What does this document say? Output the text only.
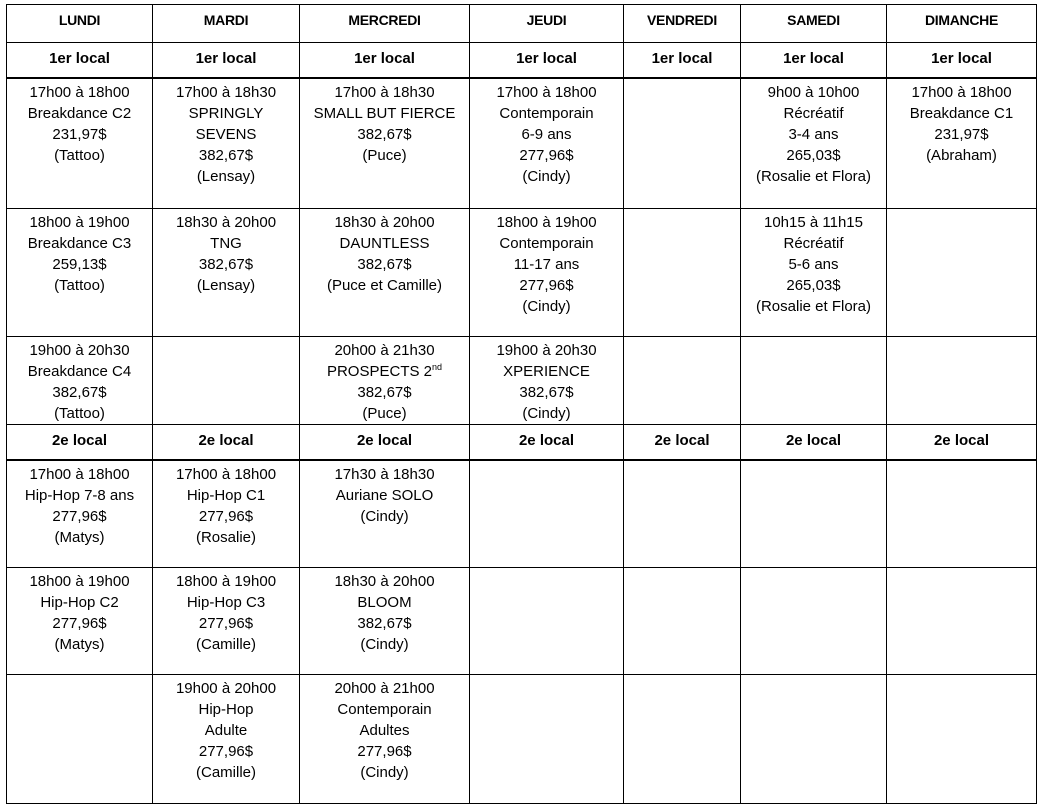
LUNDI	MARDI	MERCREDI	JEUDI	VENDREDI	SAMEDI	DIMANCHE
1er local	1er local	1er local	1er local	1er local	1er local	1er local

17h00 à 18h00
Breakdance C2
231,97$
(Tattoo)	17h00 à 18h30
SPRINGLY
SEVENS
382,67$
(Lensay)	17h00 à 18h30
SMALL BUT FIERCE
382,67$
(Puce)	17h00 à 18h00
Contemporain
6-9 ans
277,96$
(Cindy)		9h00 à 10h00
Récréatif
3-4 ans
265,03$
(Rosalie et Flora)	17h00 à 18h00
Breakdance C1
231,97$
(Abraham)

18h00 à 19h00
Breakdance C3
259,13$
(Tattoo)	18h30 à 20h00
TNG
382,67$
(Lensay)	18h30 à 20h00
DAUNTLESS
382,67$
(Puce et Camille)	18h00 à 19h00
Contemporain
11-17 ans
277,96$
(Cindy)		10h15 à 11h15
Récréatif
5-6 ans
265,03$
(Rosalie et Flora)	

19h00 à 20h30
Breakdance C4
382,67$
(Tattoo)		20h00 à 21h30
PROSPECTS 2nd
382,67$
(Puce)	19h00 à 20h30
XPERIENCE
382,67$
(Cindy)			

2e local	2e local	2e local	2e local	2e local	2e local	2e local

17h00 à 18h00
Hip-Hop 7-8 ans
277,96$
(Matys)	17h00 à 18h00
Hip-Hop C1
277,96$
(Rosalie)	17h30 à 18h30
Auriane SOLO
(Cindy)				

18h00 à 19h00
Hip-Hop C2
277,96$
(Matys)	18h00 à 19h00
Hip-Hop C3
277,96$
(Camille)	18h30 à 20h00
BLOOM
382,67$
(Cindy)				

	19h00 à 20h00
Hip-Hop
Adulte
277,96$
(Camille)	20h00 à 21h00
Contemporain
Adultes
277,96$
(Cindy)				
